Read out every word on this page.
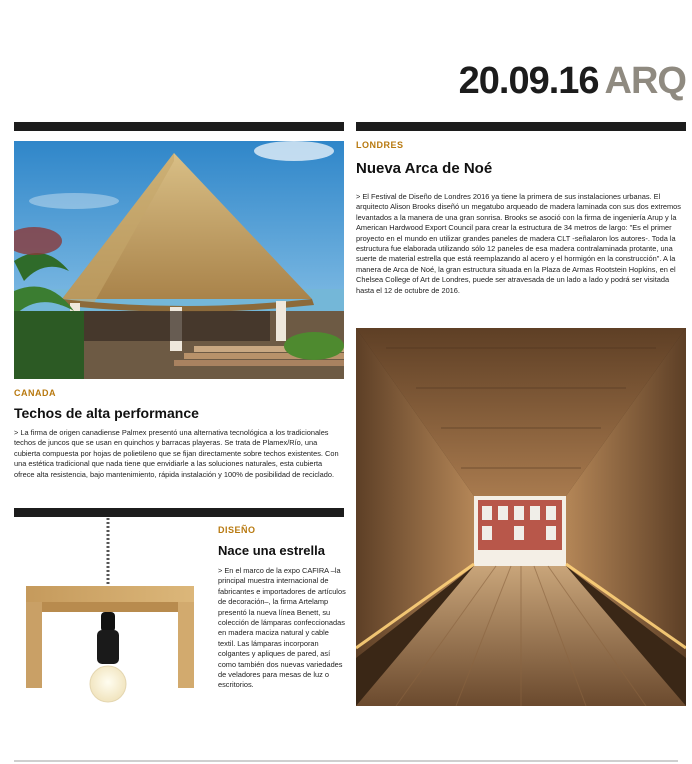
20.09.16 ARQ
CANADA
Techos de alta performance
> La firma de origen canadiense Palmex presentó una alternativa tecnológica a los tradicionales techos de juncos que se usan en quinchos y barracas playeras. Se trata de Plamex/Río, una cubierta compuesta por hojas de polietileno que se fijan directamente sobre techos existentes. Con una estética tradicional que nada tiene que envidiarle a las soluciones naturales, esta cubierta ofrece alta resistencia, bajo mantenimiento, rápida instalación y 100% de posibilidad de reciclado.
DISEÑO
Nace una estrella
> En el marco de la expo CAFIRA –la principal muestra internacional de fabricantes e importadores de artículos de decoración–, la firma Artelamp presentó la nueva línea Benett, su colección de lámparas confeccionadas en madera maciza natural y cable textil. Las lámparas incorporan colgantes y apliques de pared, así como también dos nuevas variedades de veladores para mesas de luz o escritorios.
LONDRES
Nueva Arca de Noé
> El Festival de Diseño de Londres 2016 ya tiene la primera de sus instalaciones urbanas. El arquitecto Alison Brooks diseñó un megatubo arqueado de madera laminada con sus dos extremos levantados a la manera de una gran sonrisa. Brooks se asoció con la firma de ingeniería Arup y la American Hardwood Export Council para crear la estructura de 34 metros de largo: "Es el primer proyecto en el mundo en utilizar grandes paneles de madera CLT -señalaron los autores-. Toda la estructura fue elaborada utilizando sólo 12 paneles de esa madera contralaminada protante, una suerte de material estrella que está reemplazando al acero y el hormigón en la construcción". A la manera de Arca de Noé, la gran estructura situada en la Plaza de Armas Rootstein Hopkins, en el Chelsea College of Art de Londres, puede ser atravesada de un lado a lado y podrá ser visitada hasta el 12 de octubre de 2016.
